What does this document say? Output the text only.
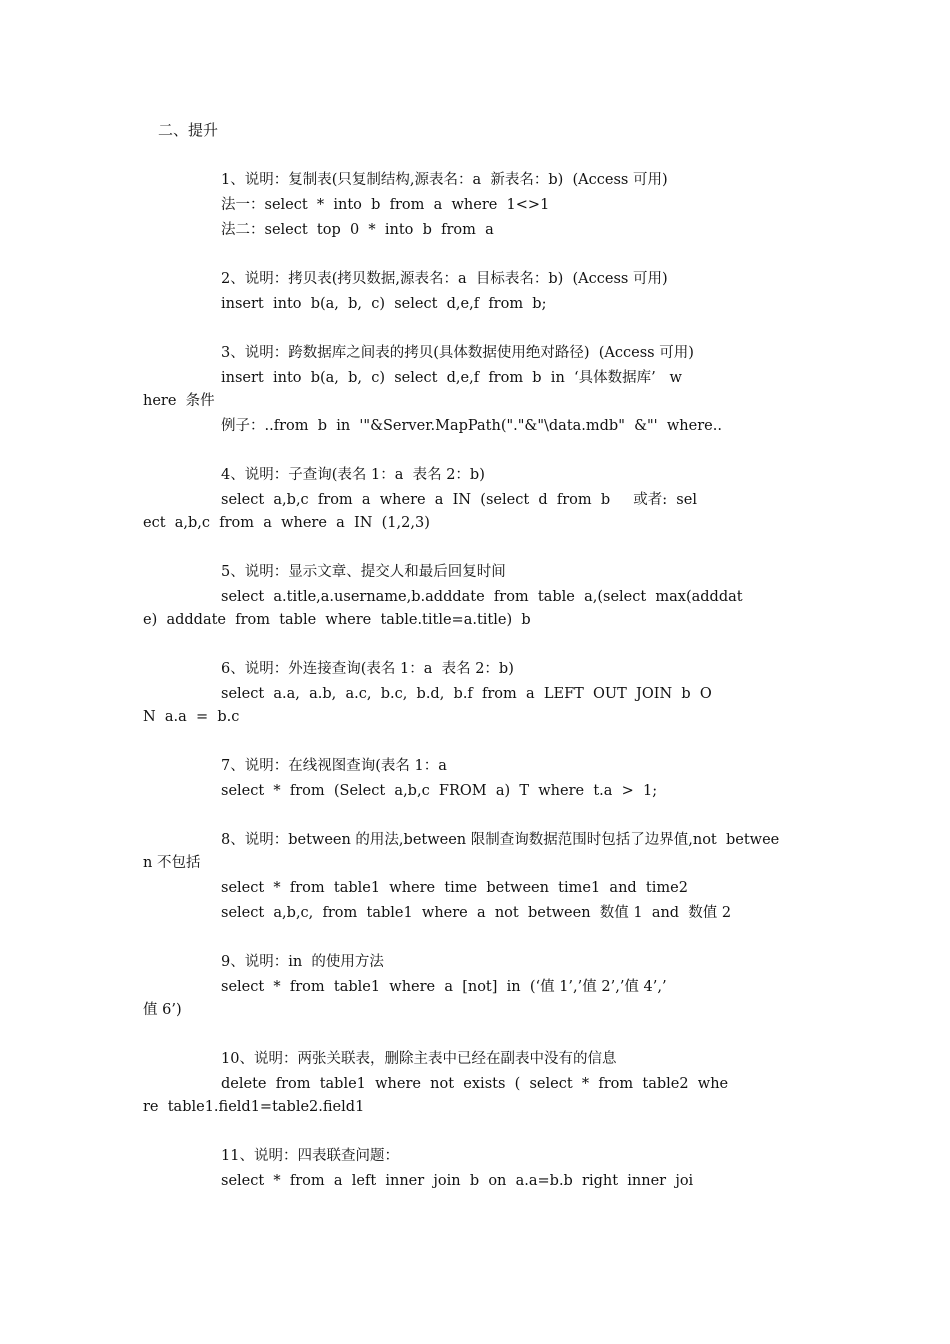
二、提升
1、说明：复制表(只复制结构,源表名：a  新表名：b)  (Access 可用)
法一：select  *  into  b  from  a  where  1<>1
法二：select  top  0  *  into  b  from  a
2、说明：拷贝表(拷贝数据,源表名：a  目标表名：b)  (Access 可用)
insert  into  b(a,  b,  c)  select  d,e,f  from  b;
3、说明：跨数据库之间表的拷贝(具体数据使用绝对路径)  (Access 可用)
insert  into  b(a,  b,  c)  select  d,e,f  from  b  in  ‘具体数据库’   w
here  条件
例子：..from  b  in  '"&Server.MapPath("."&"\data.mdb"  &"'  where..
4、说明：子查询(表名 1：a  表名 2：b)
select  a,b,c  from  a  where  a  IN  (select  d  from  b     或者:  sel
ect  a,b,c  from  a  where  a  IN  (1,2,3)
5、说明：显示文章、提交人和最后回复时间
select  a.title,a.username,b.adddate  from  table  a,(select  max(adddat
e)  adddate  from  table  where  table.title=a.title)  b
6、说明：外连接查询(表名 1：a  表名 2：b)
select  a.a,  a.b,  a.c,  b.c,  b.d,  b.f  from  a  LEFT  OUT  JOIN  b  O
N  a.a  =  b.c
7、说明：在线视图查询(表名 1：a
select  *  from  (Select  a,b,c  FROM  a)  T  where  t.a  >  1;
8、说明：between 的用法,between 限制查询数据范围时包括了边界值,not  betwee
n 不包括
select  *  from  table1  where  time  between  time1  and  time2
select  a,b,c,  from  table1  where  a  not  between  数值 1  and  数值 2
9、说明：in  的使用方法
select  *  from  table1  where  a  [not]  in  (‘值 1’,’值 2’,’值 4’,’
值 6’)
10、说明：两张关联表，删除主表中已经在副表中没有的信息
delete  from  table1  where  not  exists  (  select  *  from  table2  whe
re  table1.field1=table2.field1
11、说明：四表联查问题：
select  *  from  a  left  inner  join  b  on  a.a=b.b  right  inner  joi
